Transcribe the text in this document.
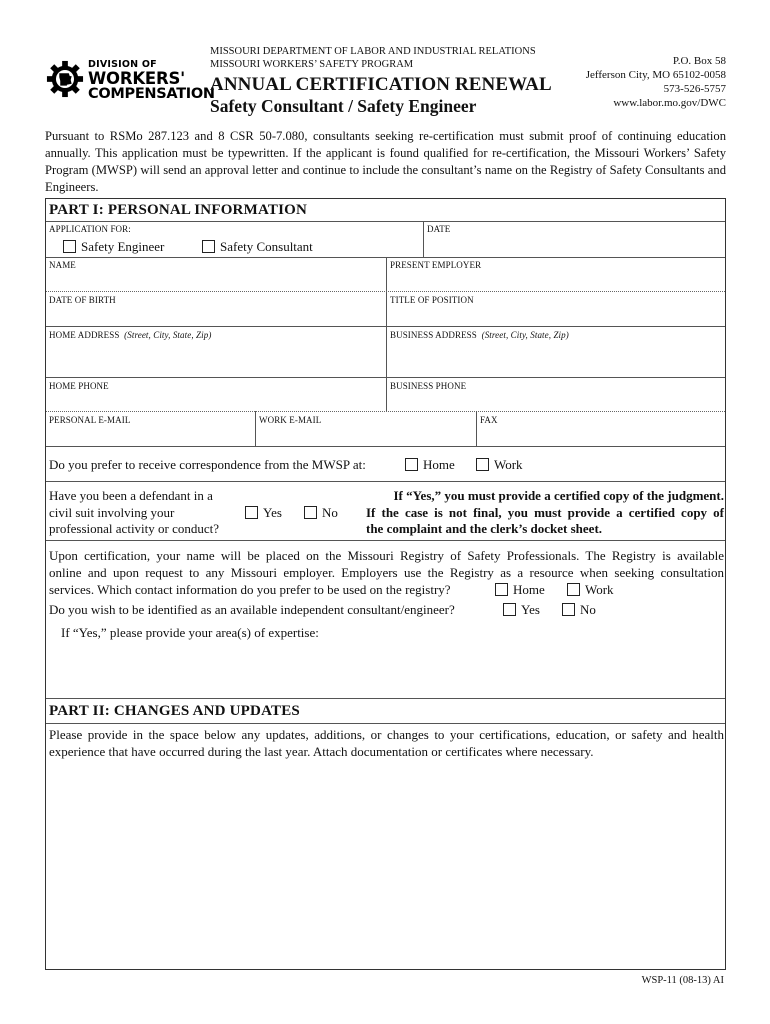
DIVISION OF
WORKERS'
COMPENSATION
MISSOURI DEPARTMENT OF LABOR AND INDUSTRIAL RELATIONS
MISSOURI WORKERS’ SAFETY PROGRAM
ANNUAL CERTIFICATION RENEWAL
Safety Consultant / Safety Engineer
P.O. Box 58
Jefferson City, MO 65102-0058
573-526-5757
www.labor.mo.gov/DWC
Pursuant to RSMo 287.123 and 8 CSR 50-7.080, consultants seeking re-certification must submit proof of continuing education annually. This application must be typewritten. If the applicant is found qualified for re-certification, the Missouri Workers’ Safety Program (MWSP) will send an approval letter and continue to include the consultant’s name on the Registry of Safety Consultants and Engineers.
PART I: PERSONAL INFORMATION
APPLICATION FOR:	DATE
Safety Engineer	Safety Consultant
NAME	PRESENT EMPLOYER
DATE OF BIRTH	TITLE OF POSITION
HOME ADDRESS (Street, City, State, Zip)	BUSINESS ADDRESS (Street, City, State, Zip)
HOME PHONE	BUSINESS PHONE
PERSONAL E-MAIL	WORK E-MAIL	FAX
Do you prefer to receive correspondence from the MWSP at:	Home	Work
Have you been a defendant in a
civil suit involving your
professional activity or conduct?
Yes	No
If “Yes,” you must provide a certified copy of the judgment.
If the case is not final, you must provide a certified copy of
the complaint and the clerk’s docket sheet.
Upon certification, your name will be placed on the Missouri Registry of Safety Professionals. The Registry is available
online and upon request to any Missouri employer. Employers use the Registry as a resource when seeking consultation
services. Which contact information do you prefer to be used on the registry?	Home	Work
Do you wish to be identified as an available independent consultant/engineer?	Yes	No
If “Yes,” please provide your area(s) of expertise:
PART II: CHANGES AND UPDATES
Please provide in the space below any updates, additions, or changes to your certifications, education, or safety and health experience that have occurred during the last year. Attach documentation or certificates where necessary.
WSP-11 (08-13) AI
